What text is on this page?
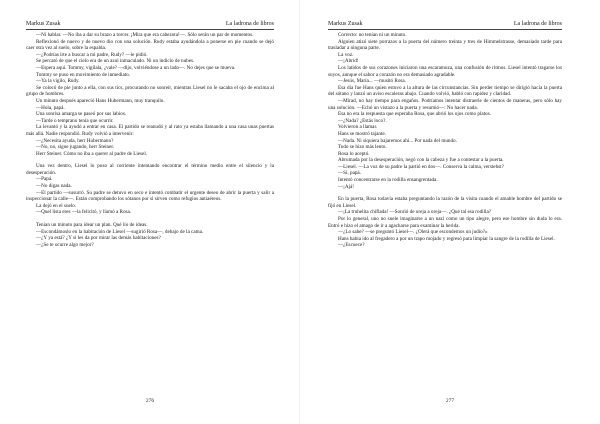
Markus Zusak	La ladrona de libros

—Ni hablar. —No iba a dar su brazo a torcer. ¡Mira que era cabezota!—. Sólo serán un par de momentos.

Reflexionó de nuevo y de nuevo dio con una solución. Rudy estaba ayudándola a ponerse en pie cuando se dejó caer otra vez al suelo, sobre la espalda.

—¿Podrías irte a buscar a mi padre, Rudy? —le pidió.

Se percató de que el cielo era de un azul inmaculado. Ni un indicio de nubes.

—Espera aquí. Tommy, vigílala, ¿vale? —dijo, volviéndose a un lado—. No dejes que se mueva.

Tommy se puso en movimiento de inmediato.

—Ya la vigilo, Rudy.

Se colocó de pie junto a ella, con sus tics, procurando no sonreír, mientras Liesel no le sacaba el ojo de encima al grupo de hombres.

Un minuto después apareció Hans Hubermann, muy tranquilo.

—Hola, papá.

Una sonrisa amarga se paseó por sus labios.

—Tarde o temprano tenía que ocurrir.

La levantó y la ayudó a entrar en casa. El partido se reanudó y al rato ya estaba llamando a una casa unas puertas más allá. Nadie respondió. Rudy volvió a intervenir:

—¿Necesita ayuda, herr Hubermann?

—No, no, sigue jugando, herr Steiner.

Herr Steiner. Cómo no iba a querer al padre de Liesel.

Una vez dentro, Liesel lo puso al corriente intentando encontrar el término medio entre el silencio y la desesperación.

—Papá.

—No digas nada.

—El partido —susurró. Su padre se detuvo en seco e intentó combatir el urgente deseo de abrir la puerta y salir a inspeccionar la calle—. Están comprobando los sótanos por si sirven como refugios antiaéreos.

La dejó en el suelo.

—Quel lista eres —la felicitó, y llamó a Rosa.

Tenían un minuto para idear un plan. Qué lío de ideas.

—Escondámoslo en la habitación de Liesel —sugirió Rosa—, debajo de la cama.

—¿Y ya está? ¿Y si les da por mirar las demás habitaciones?

—¿Se te ocurre algo mejor?

276
Markus Zusak	La ladrona de libros

Correcto: no tenían ni un minuto.

Alguien atizó siete porrazos a la puerta del número treinta y tres de Himmelstrasse, demasiado tarde para trasladar a ninguna parte.

La voz.

—¡Abrid!

Los latidos de sus corazones iniciaron una escaramuza, una confusión de ritmos. Liesel intentó tragarse los suyos, aunque el sabor a corazón no era demasiado agradable.

—Jesús, María... —musitó Rosa.

Esa día fue Hans quien estuvo a la altura de las circunstancias. Sin perder tiempo se dirigió hacia la puerta del sótano y lanzó un aviso escaleras abajo. Cuando volvió, habló con rapidez y claridad.

—Mirad, no hay tiempo para engaños. Podríamos intentar distraerle de cientos de maneras, pero sólo hay una solución. —Echó un vistazo a la puerta y resumió—: No hacer nada.

Esa no era la respuesta que esperaba Rosa, que abrió los ojos como platos.

—¿Nada? ¿Estás loco?.

Volvieron a llamar.

Hans se mostró tajante.

—Nada. Ni siquiera bajaremos ahí... Por nada del mundo.

Todo se hizo más lento.

Rosa lo aceptó.

Abrumada por la desesperación, negó con la cabeza y fue a contestar a la puerta.

—Liesel. —La voz de su padre la partió en dos—. Conserva la calma, verstehst?

—Sí, papá.

Intentó concentrarse en la rodilla ensangrentada.

—¡Ajá!

En la puerta, Rosa todavía estaba preguntando la razón de la visita cuando el amable hombre del partido se fijó en Liesel.

—¡La truhelita chiflada! —Sonrió de oreja a oreja—. ¿Qué tal esa rodilla?

Por lo general, uno no suele imaginarse a un nazi como un tipo alegre, pero ese hombre sin duda lo era. Entró e hizo el amago de ir a agacharse para examinar la herida.

—¿Lo sabe? —se preguntó Liesel—. ¿Olerá que escondemos un judío?»

Hans habia ido al fregadero a por un trapo mojado y regresó para limpiar la sangre de la rodilla de Liesel.

—¿Escuece?

277
